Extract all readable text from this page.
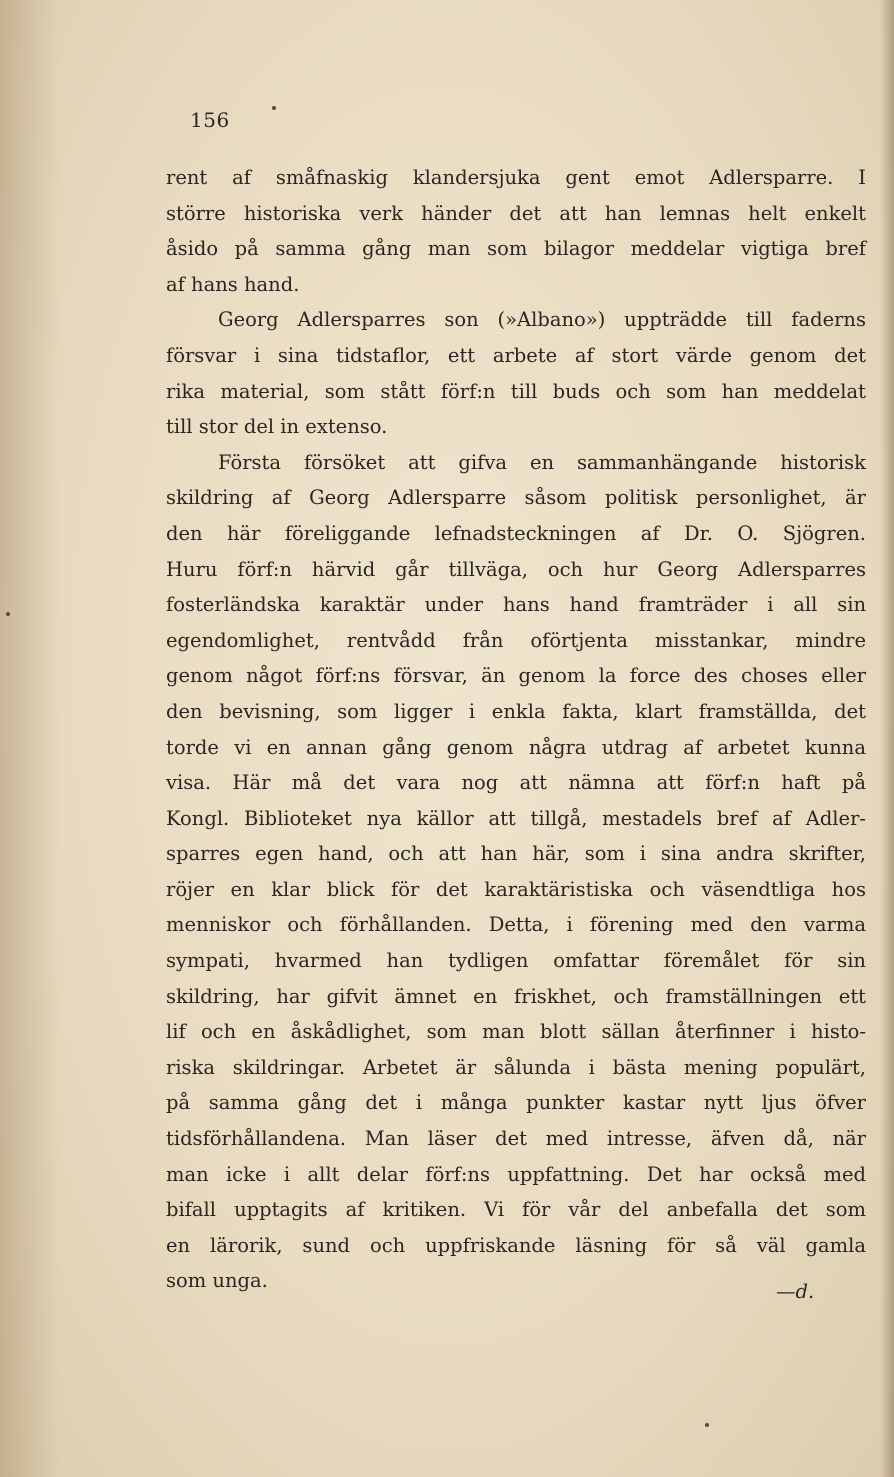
156
rent af småfnaskig klandersjuka gent emot Adlersparre. I
större historiska verk händer det att han lemnas helt enkelt
åsido på samma gång man som bilagor meddelar vigtiga bref
af hans hand.
Georg Adlersparres son (»Albano») uppträdde till faderns
försvar i sina tidstaflor, ett arbete af stort värde genom det
rika material, som stått förf:n till buds och som han meddelat
till stor del in extenso.
Första försöket att gifva en sammanhängande historisk
skildring af Georg Adlersparre såsom politisk personlighet, är
den här föreliggande lefnadsteckningen af Dr. O. Sjögren.
Huru förf:n härvid går tillväga, och hur Georg Adlersparres
fosterländska karaktär under hans hand framträder i all sin
egendomlighet, rentvådd från oförtjenta misstankar, mindre
genom något förf:ns försvar, än genom la force des choses eller
den bevisning, som ligger i enkla fakta, klart framställda, det
torde vi en annan gång genom några utdrag af arbetet kunna
visa. Här må det vara nog att nämna att förf:n haft på
Kongl. Biblioteket nya källor att tillgå, mestadels bref af Adler-
sparres egen hand, och att han här, som i sina andra skrifter,
röjer en klar blick för det karaktäristiska och väsendtliga hos
menniskor och förhållanden. Detta, i förening med den varma
sympati, hvarmed han tydligen omfattar föremålet för sin
skildring, har gifvit ämnet en friskhet, och framställningen ett
lif och en åskådlighet, som man blott sällan återfinner i histo-
riska skildringar. Arbetet är sålunda i bästa mening populärt,
på samma gång det i många punkter kastar nytt ljus öfver
tidsförhållandena. Man läser det med intresse, äfven då, när
man icke i allt delar förf:ns uppfattning. Det har också med
bifall upptagits af kritiken. Vi för vår del anbefalla det som
en lärorik, sund och uppfriskande läsning för så väl gamla
som unga.	—d.
